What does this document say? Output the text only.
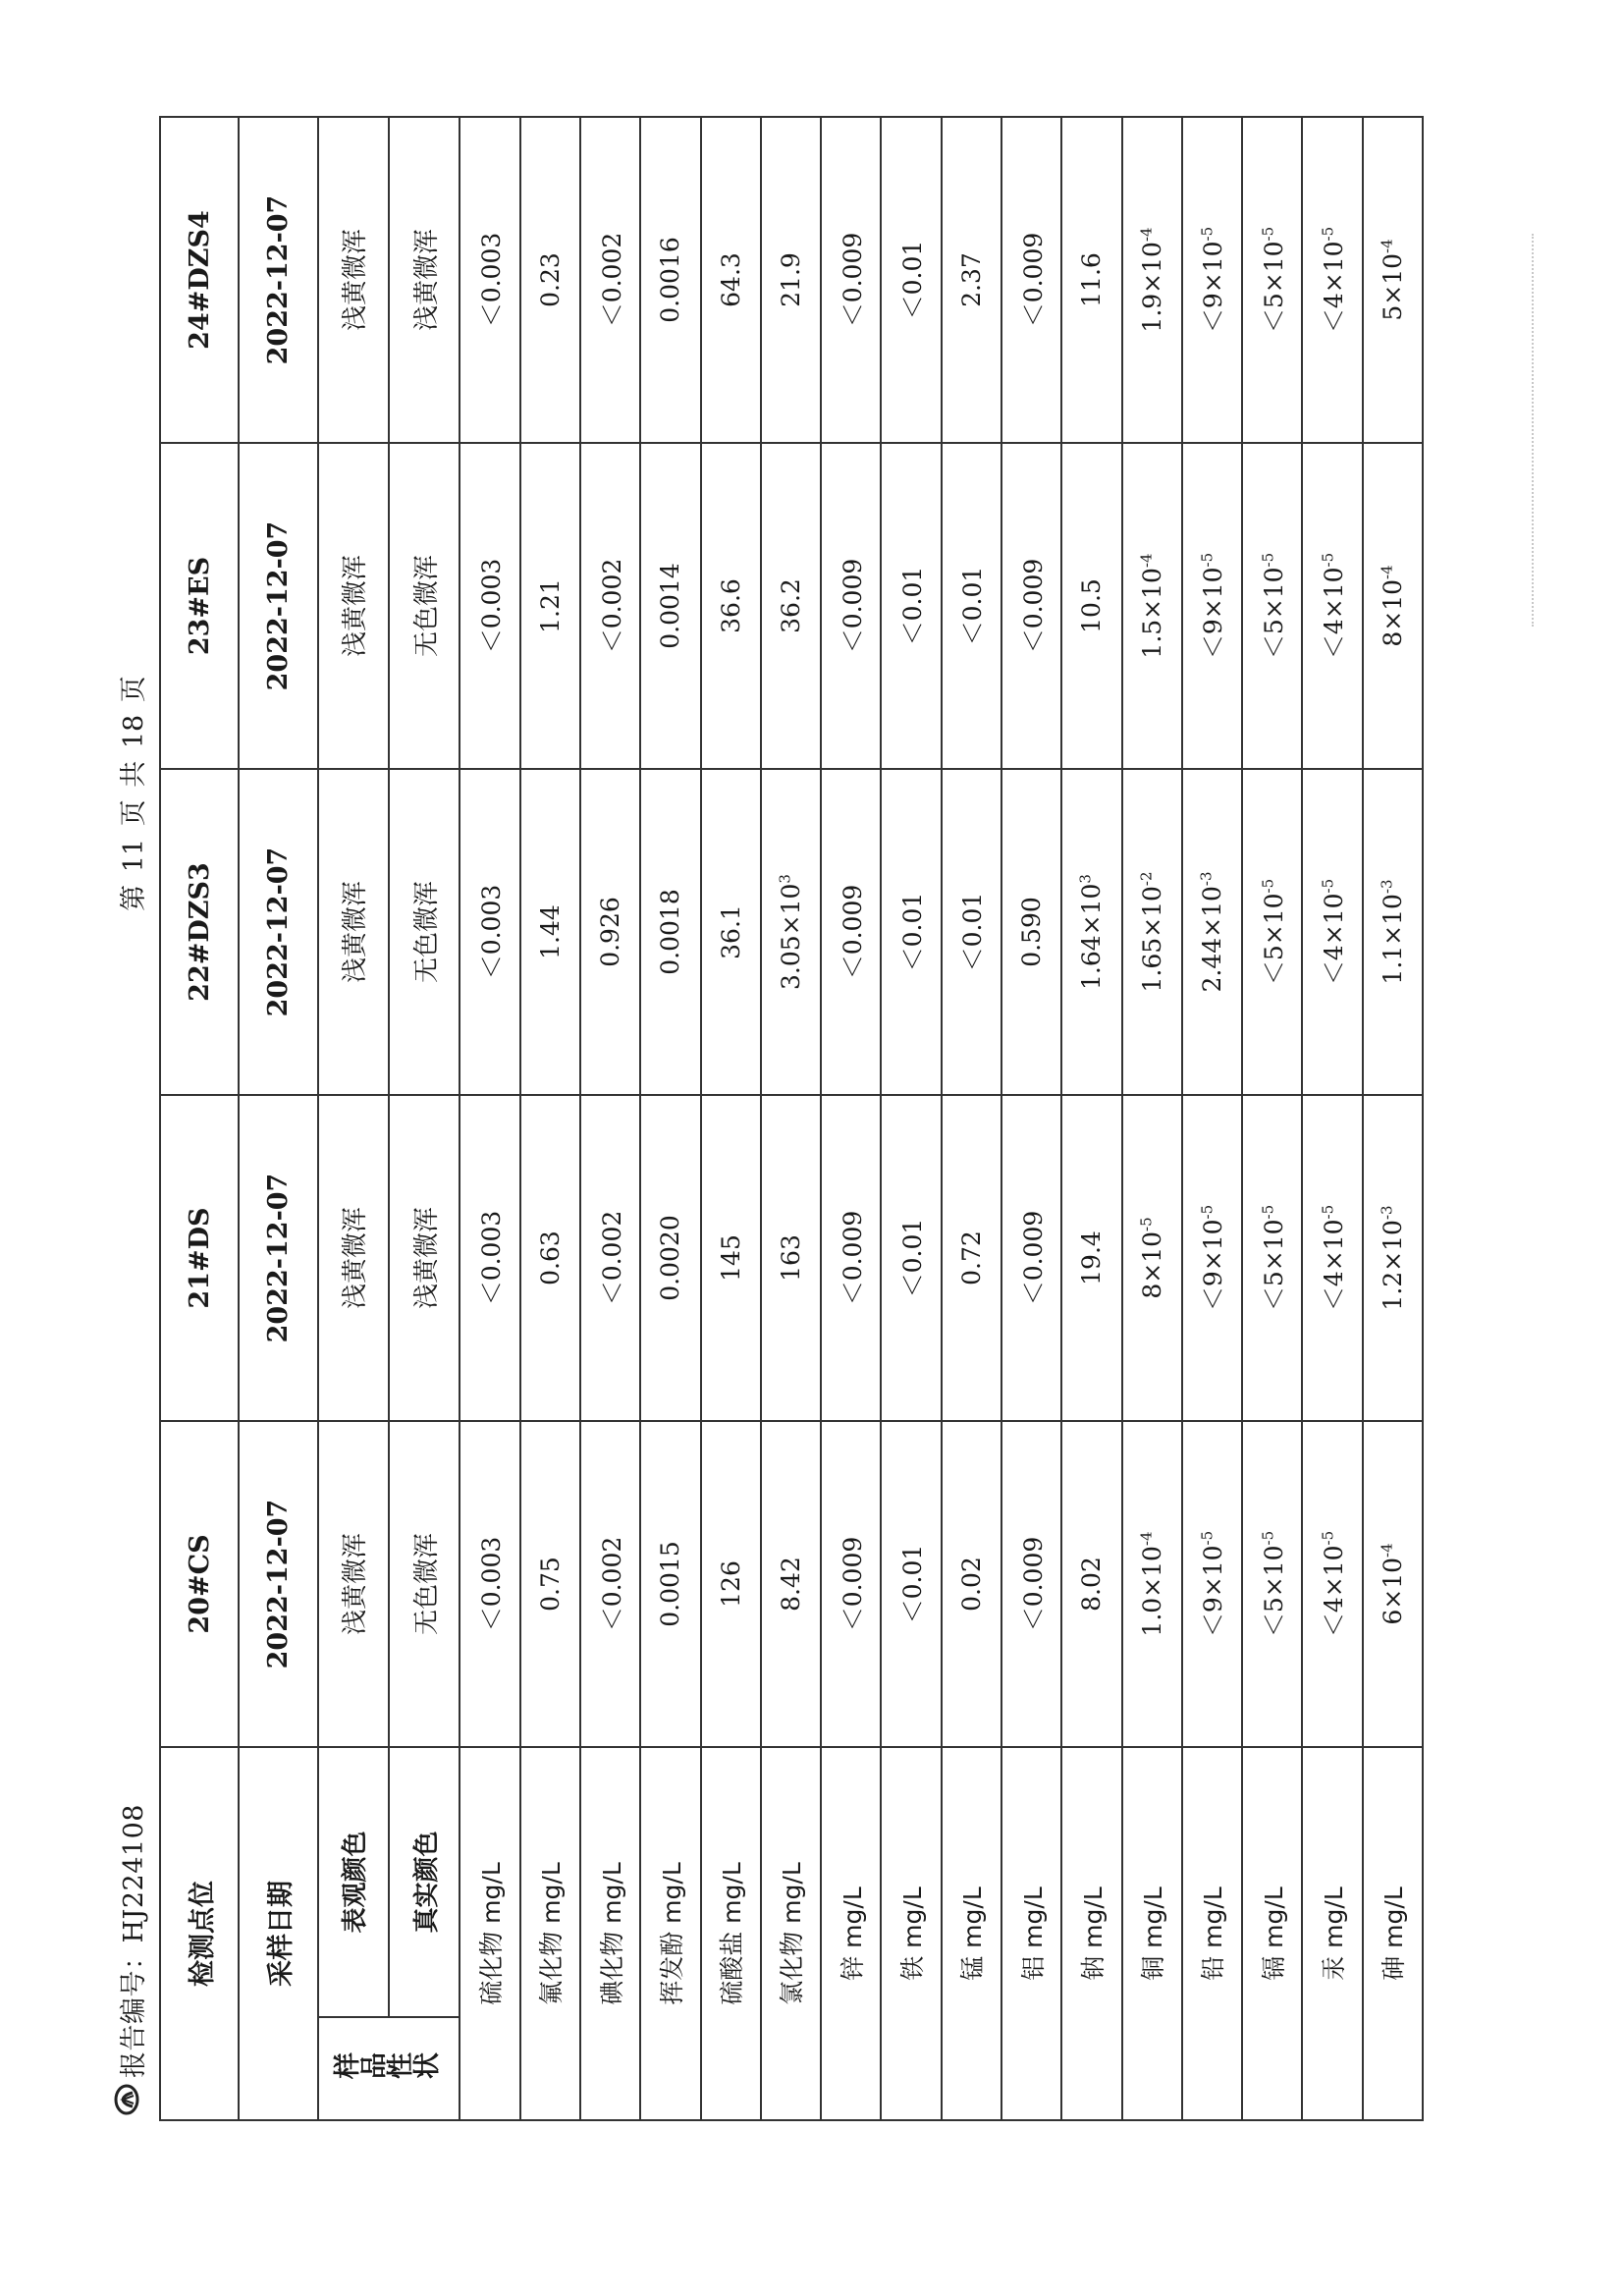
报告编号：HJ224108
第 11 页 共 18 页
检测点位		20#CS	21#DS	22#DZS3	23#ES	24#DZS4
采样日期		2022-12-07	2022-12-07	2022-12-07	2022-12-07	2022-12-07
样品性状	表观颜色	浅黄微浑	浅黄微浑	浅黄微浑	浅黄微浑	浅黄微浑
	真实颜色	无色微浑	浅黄微浑	无色微浑	无色微浑	浅黄微浑
硫化物 mg/L		＜0.003	＜0.003	＜0.003	＜0.003	＜0.003
氟化物 mg/L		0.75	0.63	1.44	1.21	0.23
碘化物 mg/L		＜0.002	＜0.002	0.926	＜0.002	＜0.002
挥发酚 mg/L		0.0015	0.0020	0.0018	0.0014	0.0016
硫酸盐 mg/L		126	145	36.1	36.6	64.3
氯化物 mg/L		8.42	163	$3.05\times 10^3$	36.2	21.9
锌 mg/L		＜0.009	＜0.009	＜0.009	＜0.009	＜0.009
铁 mg/L		＜0.01	＜0.01	＜0.01	＜0.01	＜0.01
锰 mg/L		0.02	0.72	＜0.01	＜0.01	2.37
铝 mg/L		＜0.009	＜0.009	0.590	＜0.009	＜0.009
钠 mg/L		8.02	19.4	$1.64\times 10^3$	10.5	11.6
铜 mg/L		$1.0\times 10^{-4}$	$8\times 10^{-5}$	$1.65\times 10^{-2}$	$1.5\times 10^{-4}$	$1.9\times 10^{-4}$
铅 mg/L		$<9\times 10^{-5}$	$<9\times 10^{-5}$	$2.44\times 10^{-3}$	$<9\times 10^{-5}$	$<9\times 10^{-5}$
镉 mg/L		$<5\times 10^{-5}$	$<5\times 10^{-5}$	$<5\times 10^{-5}$	$<5\times 10^{-5}$	$<5\times 10^{-5}$
汞 mg/L		$<4\times 10^{-5}$	$<4\times 10^{-5}$	$<4\times 10^{-5}$	$<4\times 10^{-5}$	$<4\times 10^{-5}$
砷 mg/L		$6\times 10^{-4}$	$1.2\times 10^{-3}$	$1.1\times 10^{-3}$	$8\times 10^{-4}$	$5\times 10^{-4}$
